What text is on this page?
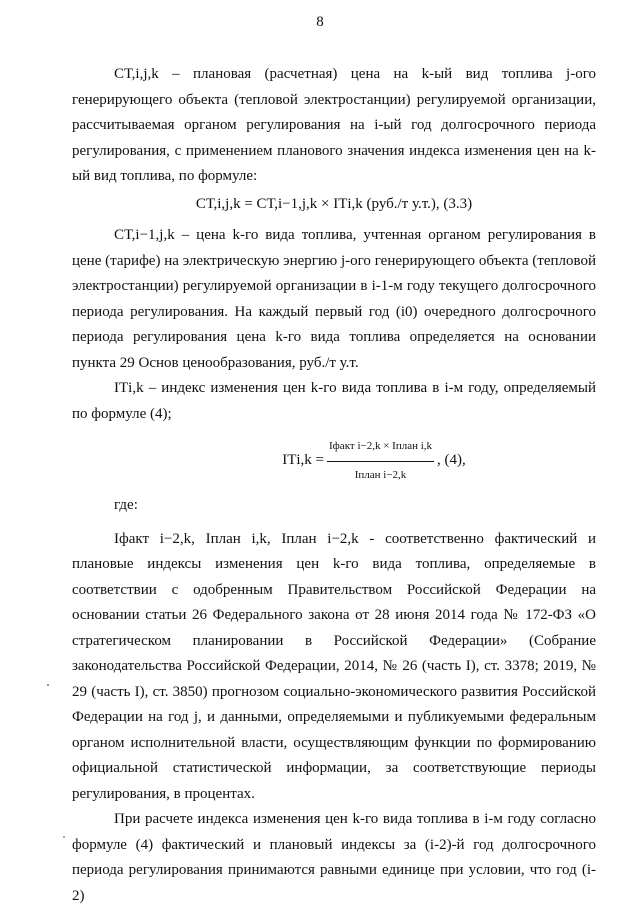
8

СТ,i,j,k – плановая (расчетная) цена на k-ый вид топлива j-ого генерирующего объекта (тепловой электростанции) регулируемой организации, рассчитываемая органом регулирования на i-ый год долгосрочного периода регулирования, с применением планового значения индекса изменения цен на k-ый вид топлива, по формуле:

СТ,i,j,k = СТ,i−1,j,k × IТi,k (руб./т у.т.), (3.3)

СТ,i−1,j,k – цена k-го вида топлива, учтенная органом регулирования в цене (тарифе) на электрическую энергию j-ого генерирующего объекта (тепловой электростанции) регулируемой организации в i-1-м году текущего долгосрочного периода регулирования. На каждый первый год (i0) очередного долгосрочного периода регулирования цена k-го вида топлива определяется на основании пункта 29 Основ ценообразования, руб./т у.т.

IТi,k – индекс изменения цен k-го вида топлива в i-м году, определяемый по формуле (4);

$IТi,k = \frac{\text{Iфакт i−2,k × Iплан i,k}}{\text{Iплан i−2,k}}$ , (4),

где:

Iфакт i−2,k, Iплан i,k, Iплан i−2,k - соответственно фактический и плановые индексы изменения цен k-го вида топлива, определяемые в соответствии с одобренным Правительством Российской Федерации на основании статьи 26 Федерального закона от 28 июня 2014 года № 172-ФЗ «О стратегическом планировании в Российской Федерации» (Собрание законодательства Российской Федерации, 2014, № 26 (часть I), ст. 3378; 2019, № 29 (часть I), ст. 3850) прогнозом социально-экономического развития Российской Федерации на год j, и данными, определяемыми и публикуемыми федеральным органом исполнительной власти, осуществляющим функции по формированию официальной статистической информации, за соответствующие периоды регулирования, в процентах.

При расчете индекса изменения цен k-го вида топлива в i-м году согласно формуле (4) фактический и плановый индексы за (i-2)-й год долгосрочного периода регулирования принимаются равными единице при условии, что год (i-2)
